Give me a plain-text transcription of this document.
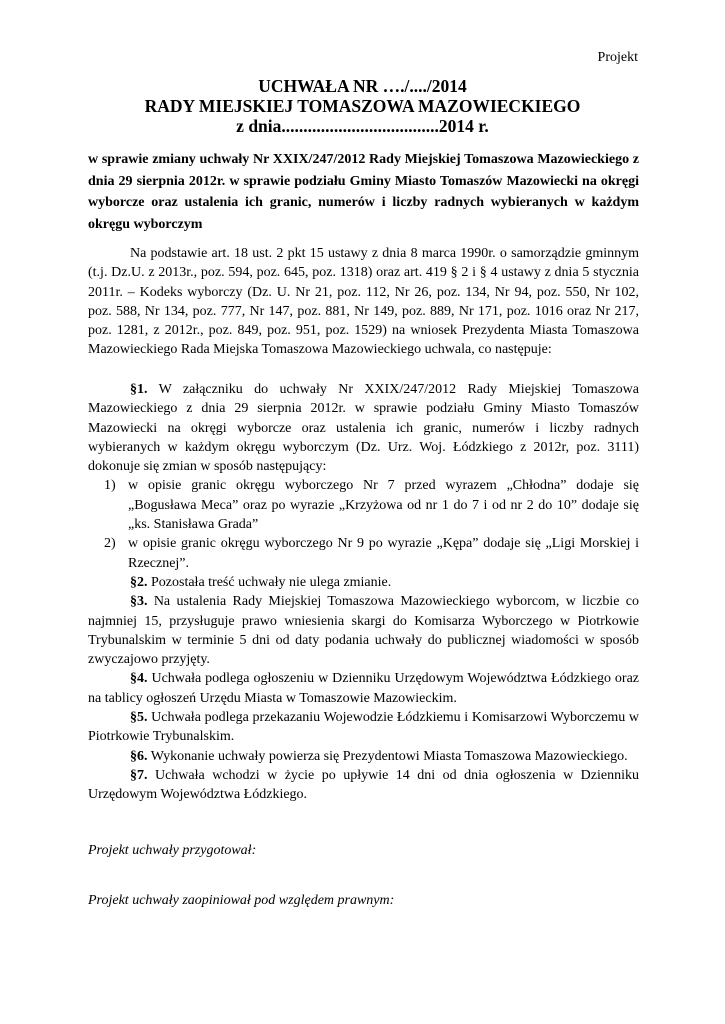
Projekt
UCHWAŁA NR …./..../2014
RADY MIEJSKIEJ TOMASZOWA MAZOWIECKIEGO
z dnia....................................2014 r.
w sprawie zmiany uchwały Nr XXIX/247/2012 Rady Miejskiej Tomaszowa Mazowieckiego z dnia 29 sierpnia 2012r. w sprawie podziału Gminy Miasto Tomaszów Mazowiecki na okręgi wyborcze oraz ustalenia ich granic, numerów i liczby radnych wybieranych w każdym okręgu wyborczym
Na podstawie art. 18 ust. 2 pkt 15 ustawy z dnia 8 marca 1990r. o samorządzie gminnym (t.j. Dz.U. z 2013r., poz. 594, poz. 645, poz. 1318) oraz art. 419 § 2 i § 4 ustawy z dnia 5 stycznia 2011r. – Kodeks wyborczy (Dz. U. Nr 21, poz. 112, Nr 26, poz. 134, Nr 94, poz. 550, Nr 102, poz. 588, Nr 134, poz. 777, Nr 147, poz. 881, Nr 149, poz. 889, Nr 171, poz. 1016 oraz Nr 217, poz. 1281, z 2012r., poz. 849, poz. 951, poz. 1529) na wniosek Prezydenta Miasta Tomaszowa Mazowieckiego Rada Miejska Tomaszowa Mazowieckiego uchwala, co następuje:

§1. W załączniku do uchwały Nr XXIX/247/2012 Rady Miejskiej Tomaszowa Mazowieckiego z dnia 29 sierpnia 2012r. w sprawie podziału Gminy Miasto Tomaszów Mazowiecki na okręgi wyborcze oraz ustalenia ich granic, numerów i liczby radnych wybieranych w każdym okręgu wyborczym (Dz. Urz. Woj. Łódzkiego z 2012r, poz. 3111) dokonuje się zmian w sposób następujący:

1) w opisie granic okręgu wyborczego Nr 7 przed wyrazem „Chłodna” dodaje się „Bogusława Meca” oraz po wyrazie „Krzyżowa od nr 1 do 7 i od nr 2 do 10” dodaje się „ks. Stanisława Grada”
2) w opisie granic okręgu wyborczego Nr 9 po wyrazie „Kępa” dodaje się „Ligi Morskiej i Rzecznej”.

§2. Pozostała treść uchwały nie ulega zmianie.

§3. Na ustalenia Rady Miejskiej Tomaszowa Mazowieckiego wyborcom, w liczbie co najmniej 15, przysługuje prawo wniesienia skargi do Komisarza Wyborczego w Piotrkowie Trybunalskim w terminie 5 dni od daty podania uchwały do publicznej wiadomości w sposób zwyczajowo przyjęty.

§4. Uchwała podlega ogłoszeniu w Dzienniku Urzędowym Województwa Łódzkiego oraz na tablicy ogłoszeń Urzędu Miasta w Tomaszowie Mazowieckim.

§5. Uchwała podlega przekazaniu Wojewodzie Łódzkiemu i Komisarzowi Wyborczemu w Piotrkowie Trybunalskim.

§6. Wykonanie uchwały powierza się Prezydentowi Miasta Tomaszowa Mazowieckiego.

§7. Uchwała wchodzi w życie po upływie 14 dni od dnia ogłoszenia w Dzienniku Urzędowym Województwa Łódzkiego.

Projekt uchwały przygotował:
Projekt uchwały zaopiniował pod względem prawnym:
